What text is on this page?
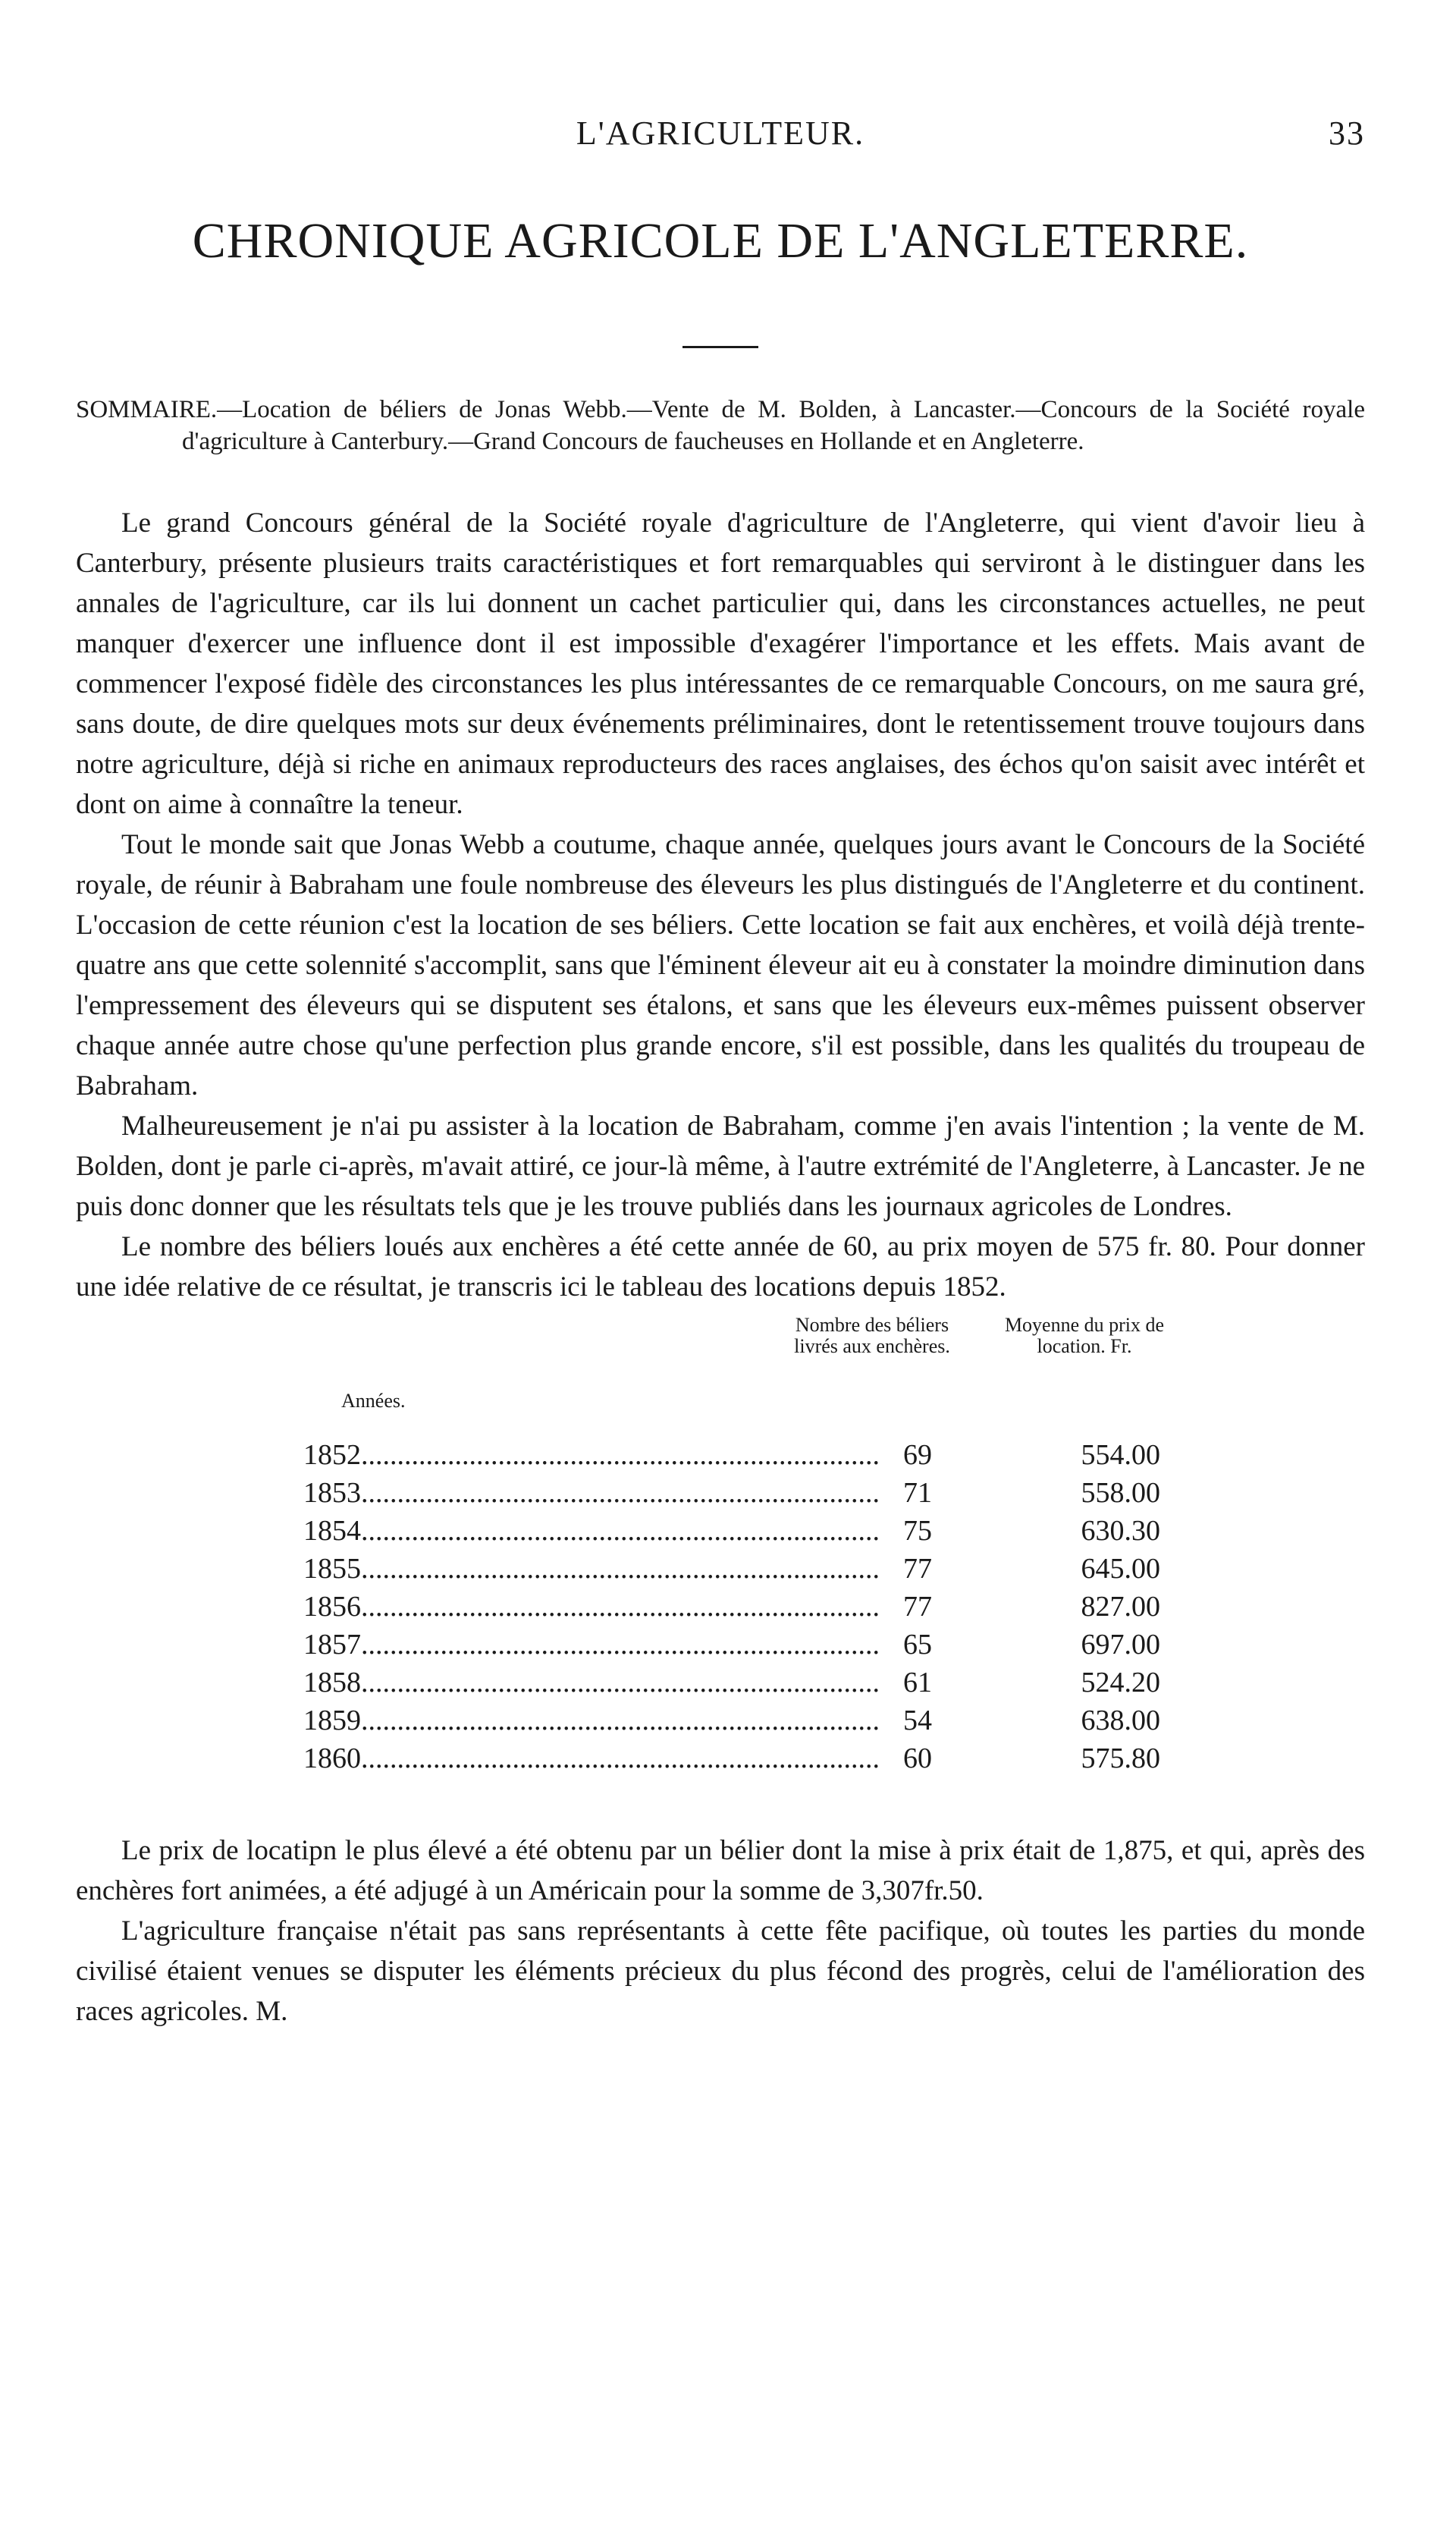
L'AGRICULTEUR.	33
CHRONIQUE AGRICOLE DE L'ANGLETERRE.

SOMMAIRE.—Location de béliers de Jonas Webb.—Vente de M. Bolden, à Lancaster.—Concours de la Société royale d'agriculture à Canterbury.—Grand Concours de faucheuses en Hollande et en Angleterre.

Le grand Concours général de la Société royale d'agriculture de l'Angleterre, qui vient d'avoir lieu à Canterbury, présente plusieurs traits caractéristiques et fort remarquables qui serviront à le distinguer dans les annales de l'agriculture, car ils lui donnent un cachet particulier qui, dans les circonstances actuelles, ne peut manquer d'exercer une influence dont il est impossible d'exagérer l'importance et les effets. Mais avant de commencer l'exposé fidèle des circonstances les plus intéressantes de ce remarquable Concours, on me saura gré, sans doute, de dire quelques mots sur deux événements préliminaires, dont le retentissement trouve toujours dans notre agriculture, déjà si riche en animaux reproducteurs des races anglaises, des échos qu'on saisit avec intérêt et dont on aime à connaître la teneur.

Tout le monde sait que Jonas Webb a coutume, chaque année, quelques jours avant le Concours de la Société royale, de réunir à Babraham une foule nombreuse des éleveurs les plus distingués de l'Angleterre et du continent. L'occasion de cette réunion c'est la location de ses béliers. Cette location se fait aux enchères, et voilà déjà trente-quatre ans que cette solennité s'accomplit, sans que l'éminent éleveur ait eu à constater la moindre diminution dans l'empressement des éleveurs qui se disputent ses étalons, et sans que les éleveurs eux-mêmes puissent observer chaque année autre chose qu'une perfection plus grande encore, s'il est possible, dans les qualités du troupeau de Babraham.

Malheureusement je n'ai pu assister à la location de Babraham, comme j'en avais l'intention ; la vente de M. Bolden, dont je parle ci-après, m'avait attiré, ce jour-là même, à l'autre extrémité de l'Angleterre, à Lancaster. Je ne puis donc donner que les résultats tels que je les trouve publiés dans les journaux agricoles de Londres.

Le nombre des béliers loués aux enchères a été cette année de 60, au prix moyen de 575 fr. 80. Pour donner une idée relative de ce résultat, je transcris ici le tableau des locations depuis 1852.

Années.
Nombre des béliers livrés aux enchères.
Moyenne du prix de location. Fr.
1852........................................................................ 69	554.00
1853........................................................................ 71	558.00
1854........................................................................ 75	630.30
1855........................................................................ 77	645.00
1856........................................................................ 77	827.00
1857........................................................................ 65	697.00
1858........................................................................ 61	524.20
1859........................................................................ 54	638.00
1860........................................................................ 60	575.80

Le prix de locatipn le plus élevé a été obtenu par un bélier dont la mise à prix était de 1,875, et qui, après des enchères fort animées, a été adjugé à un Américain pour la somme de 3,307fr.50.

L'agriculture française n'était pas sans représentants à cette fête pacifique, où toutes les parties du monde civilisé étaient venues se disputer les éléments précieux du plus fécond des progrès, celui de l'amélioration des races agricoles. M.
